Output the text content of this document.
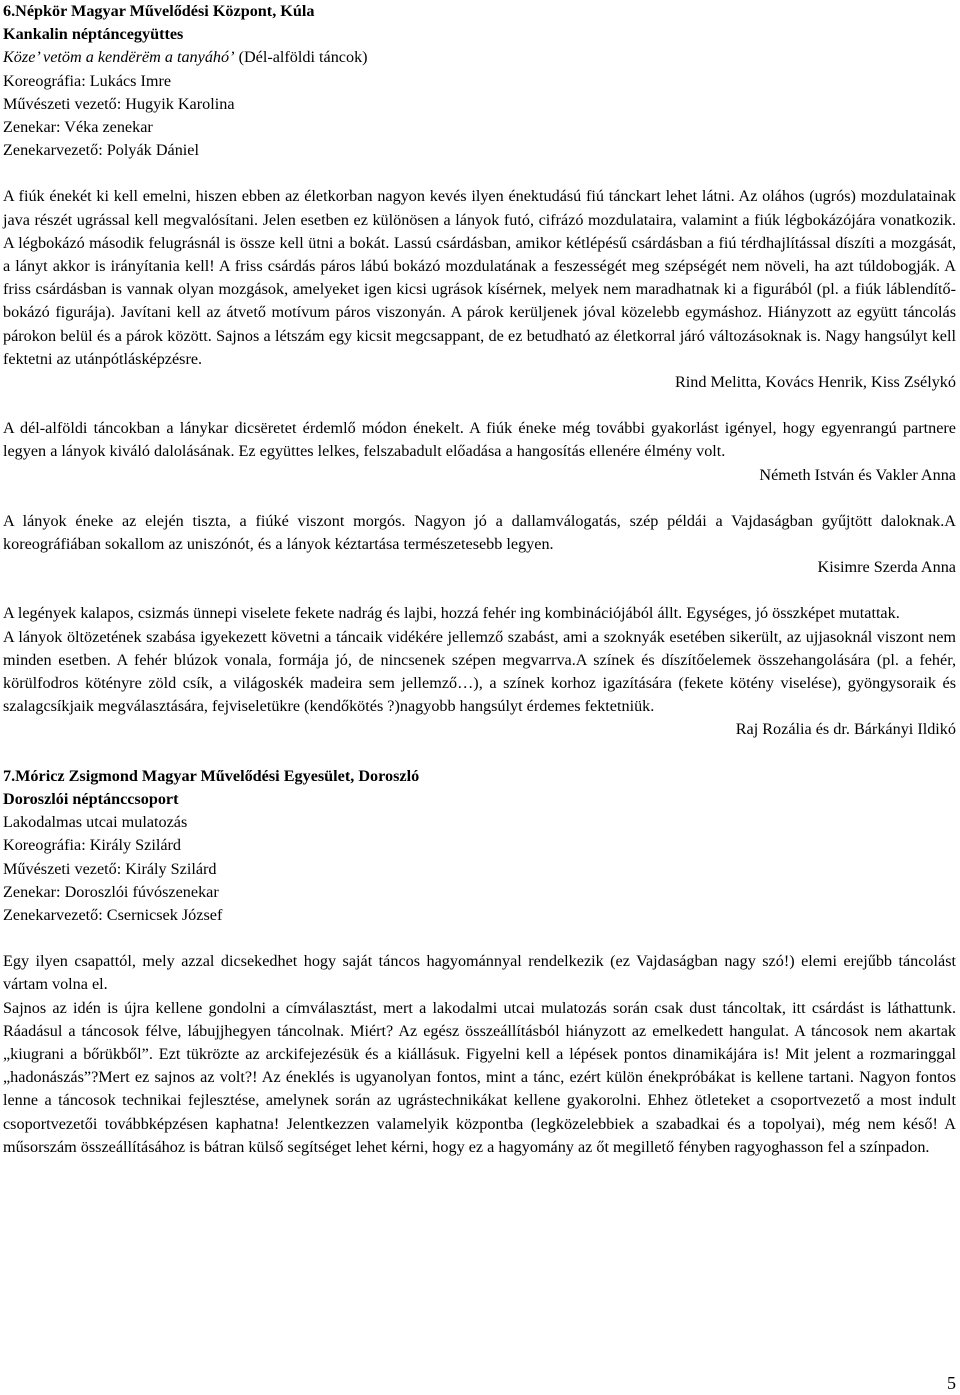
6.Népkör Magyar Művelődési Központ, Kúla
Kankalin néptáncegyüttes
Köze’ vetöm a kendërëm a tanyáhó’ (Dél-alföldi táncok)
Koreográfia: Lukács Imre
Művészeti vezető: Hugyik Karolina
Zenekar: Véka zenekar
Zenekarvezető: Polyák Dániel
A fiúk énekét ki kell emelni, hiszen ebben az életkorban nagyon kevés ilyen énektudású fiú tánckart lehet látni. Az oláhos (ugrós) mozdulatainak java részét ugrással kell megvalósítani. Jelen esetben ez különösen a lányok futó, cifrázó mozdulataira, valamint a fiúk légbokázójára vonatkozik. A légbokázó második felugrásnál is össze kell ütni a bokát. Lassú csárdásban, amikor kétlépésű csárdásban a fiú térdhajlítással díszíti a mozgását, a lányt akkor is irányítania kell! A friss csárdás páros lábú bokázó mozdulatának a feszességét meg szépségét nem növeli, ha azt túldobogják. A friss csárdásban is vannak olyan mozgások, amelyeket igen kicsi ugrások kísérnek, melyek nem maradhatnak ki a figurából (pl. a fiúk láblendítő-bokázó figurája). Javítani kell az átvető motívum páros viszonyán. A párok kerüljenek jóval közelebb egymáshoz. Hiányzott az együtt táncolás párokon belül és a párok között. Sajnos a létszám egy kicsit megcsappant, de ez betudható az életkorral járó változásoknak is. Nagy hangsúlyt kell fektetni az utánpótlásképzésre.
Rind Melitta, Kovács Henrik, Kiss Zsélykó
A dél-alföldi táncokban a lánykar dicsëretet érdemlő módon énekelt. A fiúk éneke még további gyakorlást igényel, hogy egyenrangú partnere legyen a lányok kiváló dalolásának. Ez együttes lelkes, felszabadult előadása a hangosítás ellenére élmény volt.
Németh István és Vakler Anna
A lányok éneke az elején tiszta, a fiúké viszont morgós. Nagyon jó a dallamválogatás, szép példái a Vajdaságban gyűjtött daloknak.A koreográfiában sokallom az uniszónót, és a lányok kéztartása természetesebb legyen.
Kisimre Szerda Anna
A legények kalapos, csizmás ünnepi viselete fekete nadrág és lajbi, hozzá fehér ing kombinációjából állt. Egységes, jó összképet mutattak.
A lányok öltözetének szabása igyekezett követni a táncaik vidékére jellemző szabást, ami a szoknyák esetében sikerült, az ujjasoknál viszont nem minden esetben. A fehér blúzok vonala, formája jó, de nincsenek szépen megvarrva.A színek és díszítőelemek összehangolására (pl. a fehér, körülfodros kötényre zöld csík, a világoskék madeira sem jellemző…), a színek korhoz igazítására (fekete kötény viselése), gyöngysoraik és szalagcsíkjaik megválasztására, fejviseletükre (kendőkötés ?)nagyobb hangsúlyt érdemes fektetniük.
Raj Rozália és dr. Bárkányi Ildikó
7.Móricz Zsigmond Magyar Művelődési Egyesület, Doroszló
Doroszlói néptánccsoport
Lakodalmas utcai mulatozás
Koreográfia: Király Szilárd
Művészeti vezető: Király Szilárd
Zenekar: Doroszlói fúvószenekar
Zenekarvezető: Csernicsek József
Egy ilyen csapattól, mely azzal dicsekedhet hogy saját táncos hagyománnyal rendelkezik (ez Vajdaságban nagy szó!) elemi erejűbb táncolást vártam volna el.
Sajnos az idén is újra kellene gondolni a címválasztást, mert a lakodalmi utcai mulatozás során csak dust táncoltak, itt csárdást is láthattunk. Ráadásul a táncosok félve, lábujjhegyen táncolnak. Miért? Az egész összeállításból hiányzott az emelkedett hangulat. A táncosok nem akartak „kiugrani a bőrükből”. Ezt tükrözte az arckifejezésük és a kiállásuk. Figyelni kell a lépések pontos dinamikájára is! Mit jelent a rozmaringgal „hadonászás”?Mert ez sajnos az volt?! Az éneklés is ugyanolyan fontos, mint a tánc, ezért külön énekpróbákat is kellene tartani. Nagyon fontos lenne a táncosok technikai fejlesztése, amelynek során az ugrástechnikákat kellene gyakorolni. Ehhez ötleteket a csoportvezető a most indult csoportvezetői továbbképzésen kaphatna! Jelentkezzen valamelyik központba (legközelebbiek a szabadkai és a topolyai), még nem késő! A műsorszám összeállításához is bátran külső segítséget lehet kérni, hogy ez a hagyomány az őt megillető fényben ragyoghasson fel a színpadon.
5
